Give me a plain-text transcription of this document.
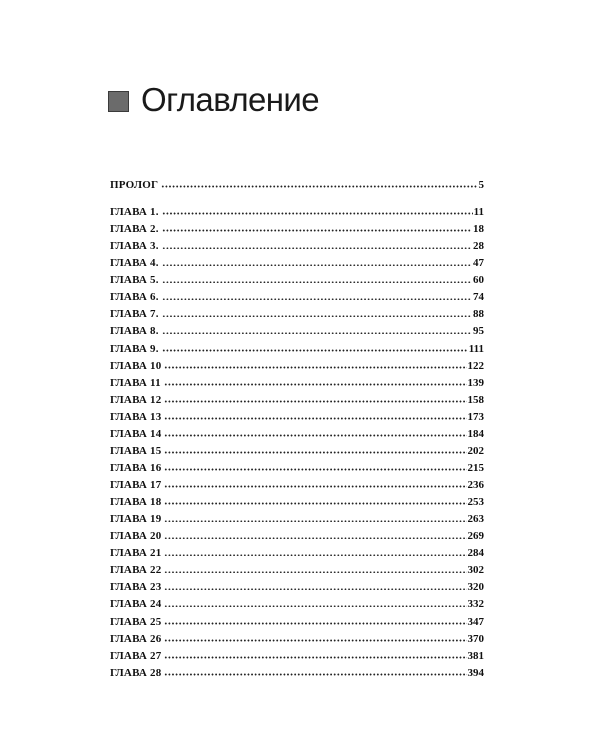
Оглавление
ПРОЛОГ	5
ГЛАВА 1.	11
ГЛАВА 2.	18
ГЛАВА 3.	28
ГЛАВА 4.	47
ГЛАВА 5.	60
ГЛАВА 6.	74
ГЛАВА 7.	88
ГЛАВА 8.	95
ГЛАВА 9.	111
ГЛАВА 10	122
ГЛАВА 11	139
ГЛАВА 12	158
ГЛАВА 13	173
ГЛАВА 14	184
ГЛАВА 15	202
ГЛАВА 16	215
ГЛАВА 17	236
ГЛАВА 18	253
ГЛАВА 19	263
ГЛАВА 20	269
ГЛАВА 21	284
ГЛАВА 22	302
ГЛАВА 23	320
ГЛАВА 24	332
ГЛАВА 25	347
ГЛАВА 26	370
ГЛАВА 27	381
ГЛАВА 28	394
